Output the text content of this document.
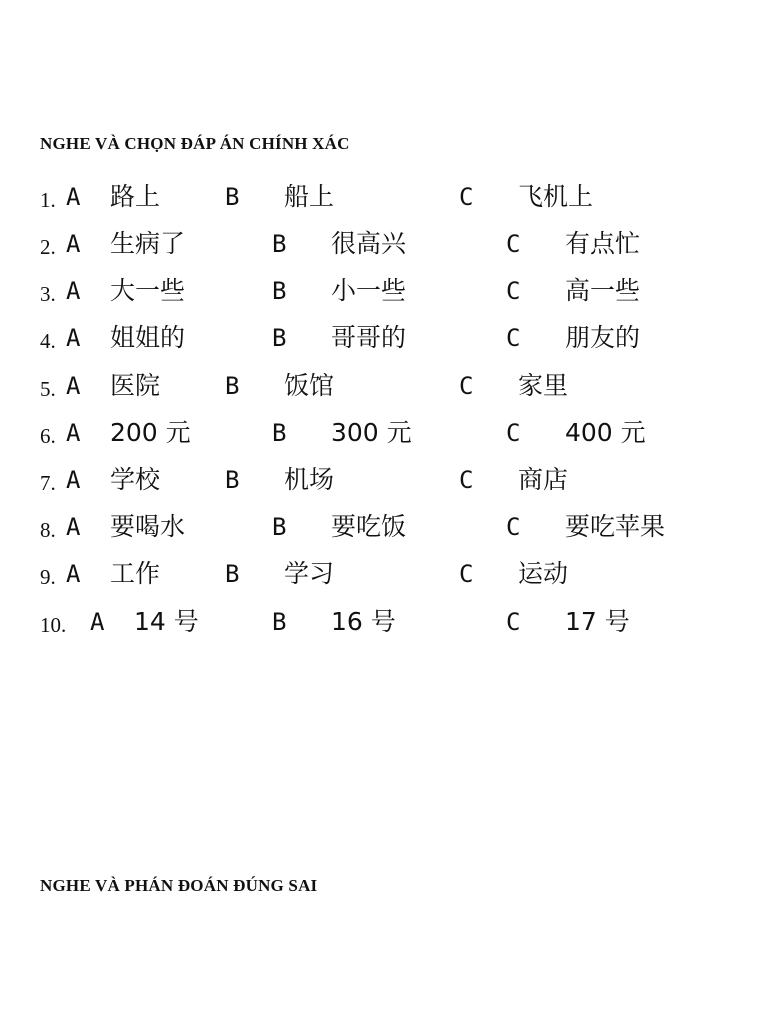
NGHE VÀ CHỌN ĐÁP ÁN CHÍNH XÁC
1. A 路上	B 船上	C 飞机上
2. A 生病了	B 很高兴	C 有点忙
3. A 大一些	B 小一些	C 高一些
4. A 姐姐的	B 哥哥的	C 朋友的
5. A 医院	B 饭馆	C 家里
6. A 200 元	B 300 元	C 400 元
7. A 学校	B 机场	C 商店
8. A 要喝水	B 要吃饭	C 要吃苹果
9. A 工作	B 学习	C 运动
10. A 14 号	B 16 号	C 17 号
NGHE VÀ PHÁN ĐOÁN ĐÚNG SAI
